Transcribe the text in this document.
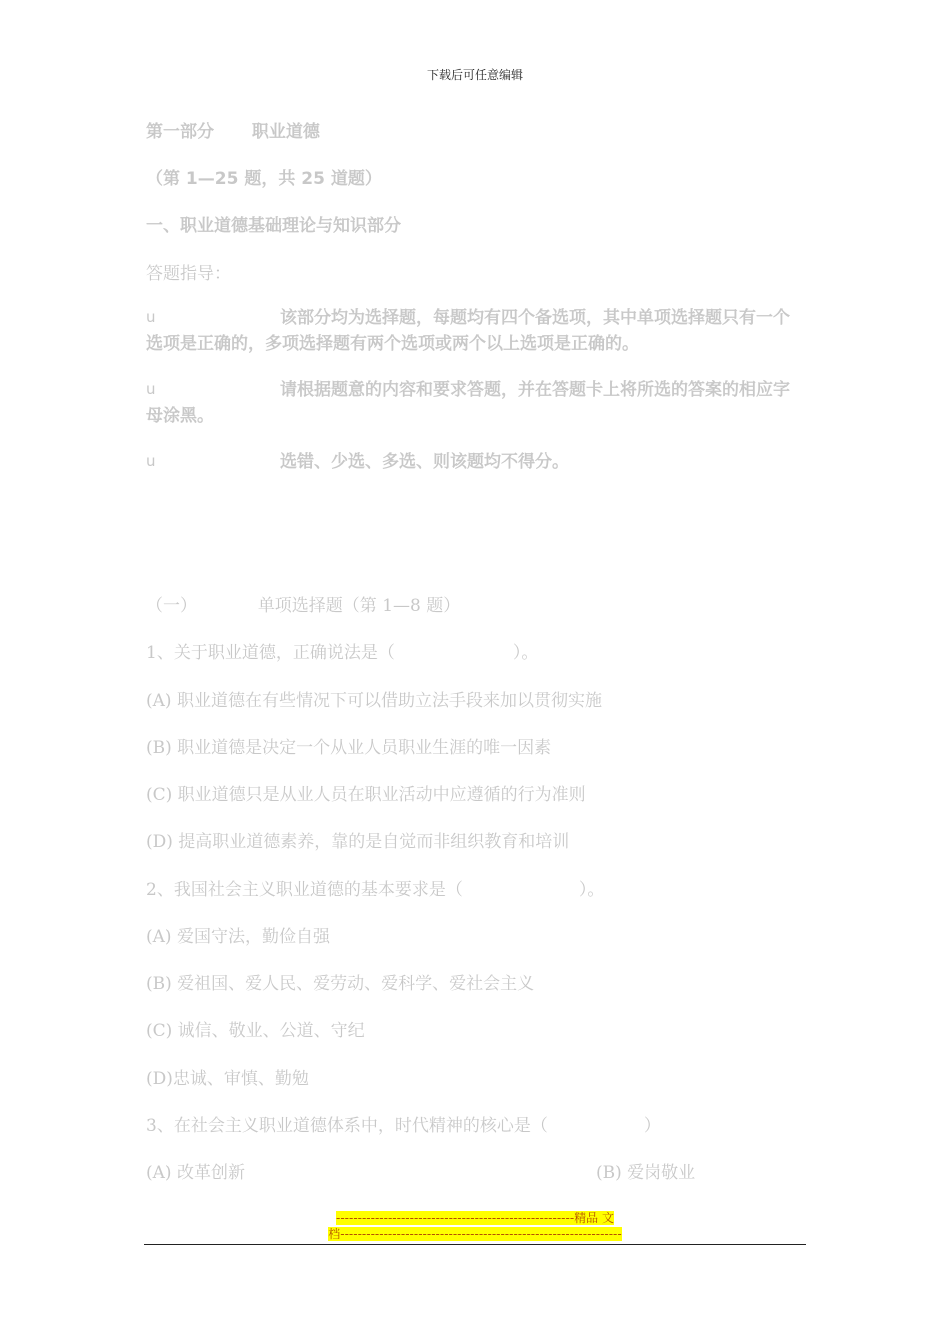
下载后可任意编辑
第一部分 职业道德
（第 1—25 题，共 25 道题）
一、职业道德基础理论与知识部分
答题指导：
u	该部分均为选择题，每题均有四个备选项，其中单项选择题只有一个选项是正确的，多项选择题有两个选项或两个以上选项是正确的。
u	请根据题意的内容和要求答题，并在答题卡上将所选的答案的相应字母涂黑。
u	选错、少选、多选、则该题均不得分。
（一）	单项选择题（第 1—8 题）
1、关于职业道德，正确说法是（	）。
(A) 职业道德在有些情况下可以借助立法手段来加以贯彻实施
(B) 职业道德是决定一个从业人员职业生涯的唯一因素
(C) 职业道德只是从业人员在职业活动中应遵循的行为准则
(D) 提高职业道德素养，靠的是自觉而非组织教育和培训
2、我国社会主义职业道德的基本要求是（	）。
(A) 爱国守法，勤俭自强
(B) 爱祖国、爱人民、爱劳动、爱科学、爱社会主义
(C) 诚信、敬业、公道、守纪
(D)忠诚、审慎、勤勉
3、在社会主义职业道德体系中，时代精神的核心是（	）
(A) 改革创新	(B) 爱岗敬业
-------------------------------------------------------精品 文
档-----------------------------------------------------------------
